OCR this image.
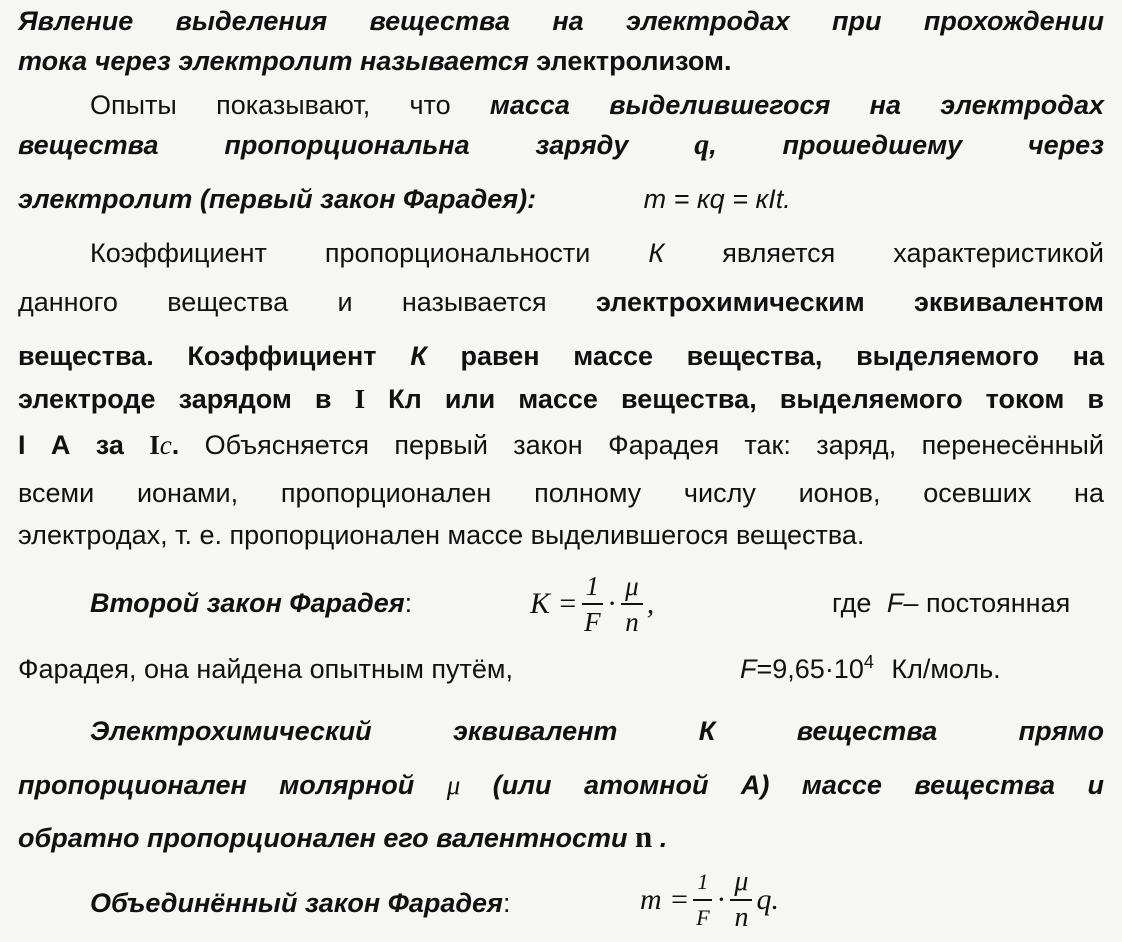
Явление выделения вещества на электродах при прохождении
тока через электролит называется электролизом.
Опыты показывают, что масса выделившегося на электродах
вещества пропорциональна заряду q, прошедшему через
электролит (первый закон Фарадея):	m = кq = кIt.
Коэффициент пропорциональности К является характеристикой
данного вещества и называется электрохимическим эквивалентом
вещества. Коэффициент К равен массе вещества, выделяемого на
электроде зарядом в I Кл или массе вещества, выделяемого током в
I А за Iс. Объясняется первый закон Фарадея так: заряд, перенесённый
всеми ионами, пропорционален полному числу ионов, осевших на
электродах, т. е. пропорционален массе выделившегося вещества.
Второй закон Фарадея:	$К = \frac{1}{F} \cdot \frac{\mu}{n}$ ,	где F– постоянная
Фарадея, она найдена опытным путём,	$F=9,65\cdot 10^4$ Кл/моль.
Электрохимический эквивалент	К	вещества прямо
пропорционален молярной μ (или атомной А) массе вещества и
обратно пропорционален его валентности n .
Объединённый закон Фарадея:	$m = \frac{1}{F} \cdot \frac{\mu}{n} q$.
